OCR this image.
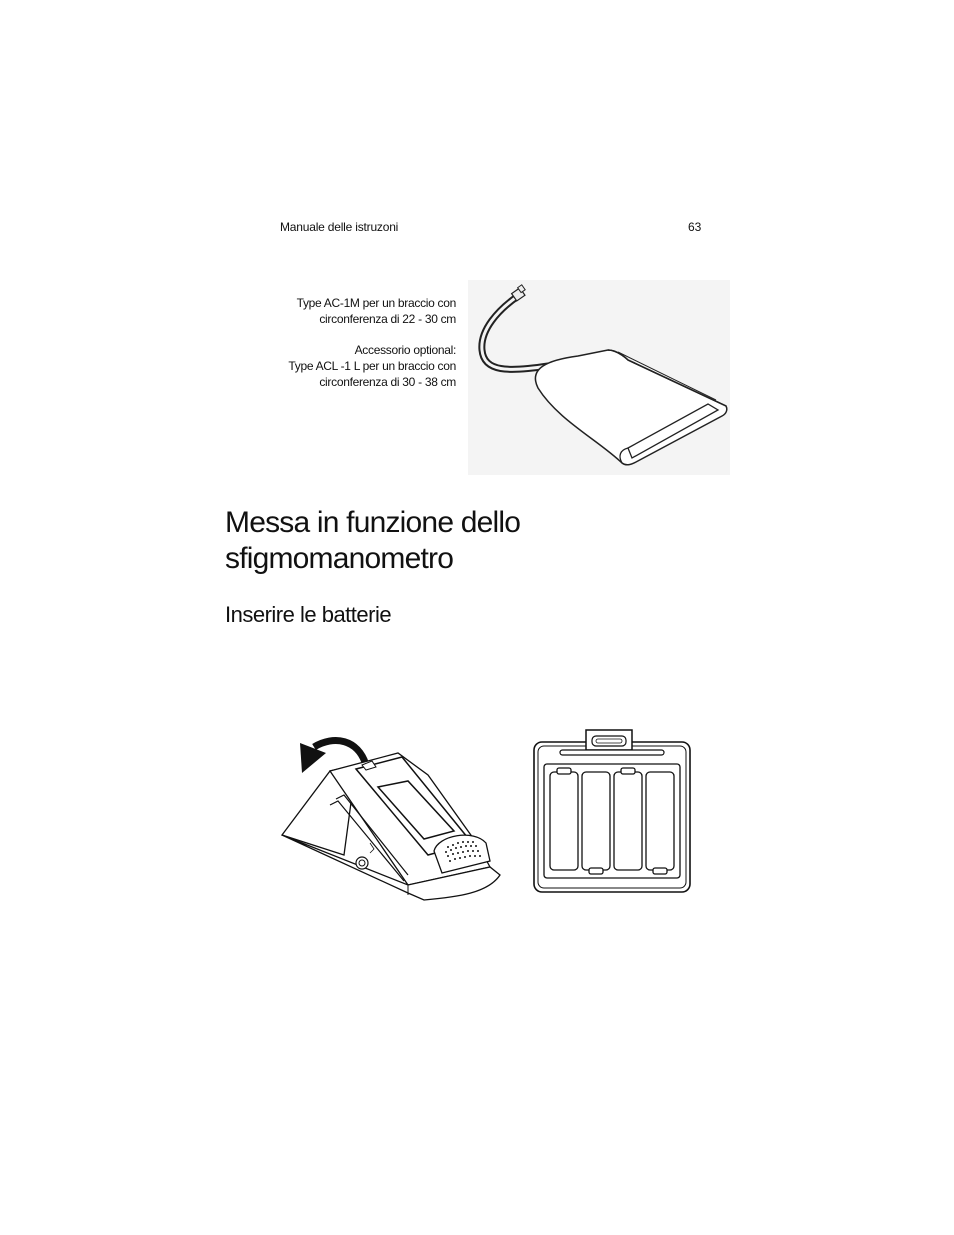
Manuale delle istruzoni	63
Type AC-1M per un braccio con
circonferenza di 22 - 30 cm
Accessorio optional:
Type ACL -1 L per un braccio con
circonferenza di 30 - 38 cm
Messa in funzione dello
sfigmomanometro
Inserire le batterie
